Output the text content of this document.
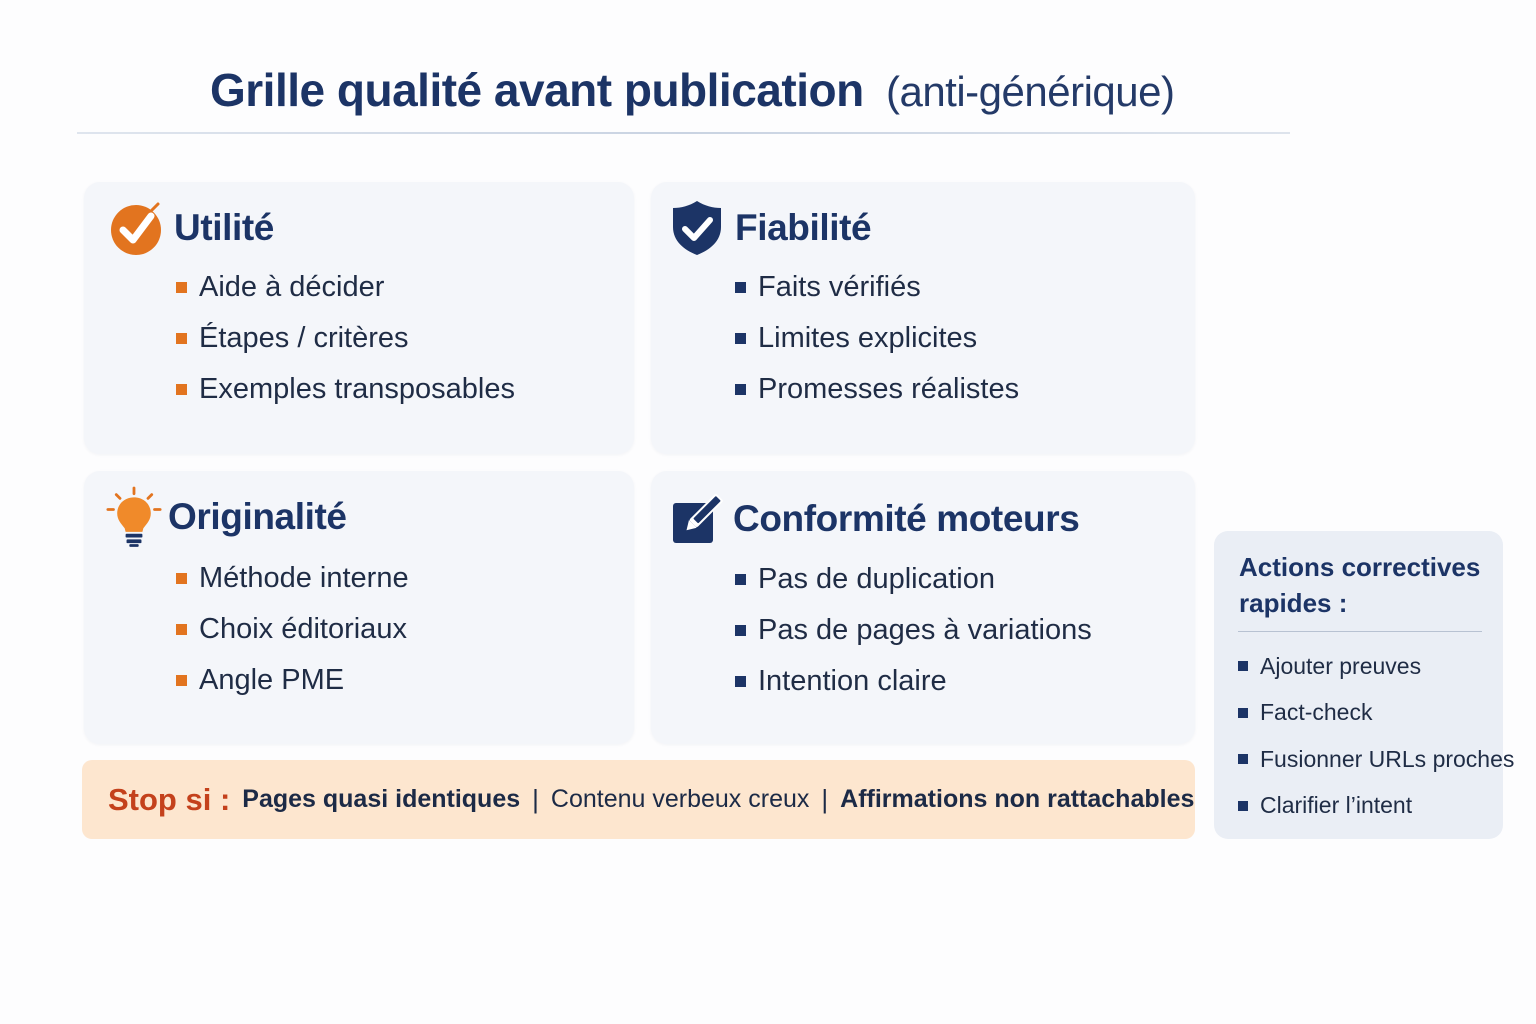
Grille qualité avant publication (anti-générique)
Utilité
Aide à décider
Étapes / critères
Exemples transposables
Fiabilité
Faits vérifiés
Limites explicites
Promesses réalistes
Originalité
Méthode interne
Choix éditoriaux
Angle PME
Conformité moteurs
Pas de duplication
Pas de pages à variations
Intention claire
Stop si : Pages quasi identiques | Contenu verbeux creux | Affirmations non rattachables
Actions correctives rapides :
Ajouter preuves
Fact-check
Fusionner URLs proches
Clarifier l’intent
